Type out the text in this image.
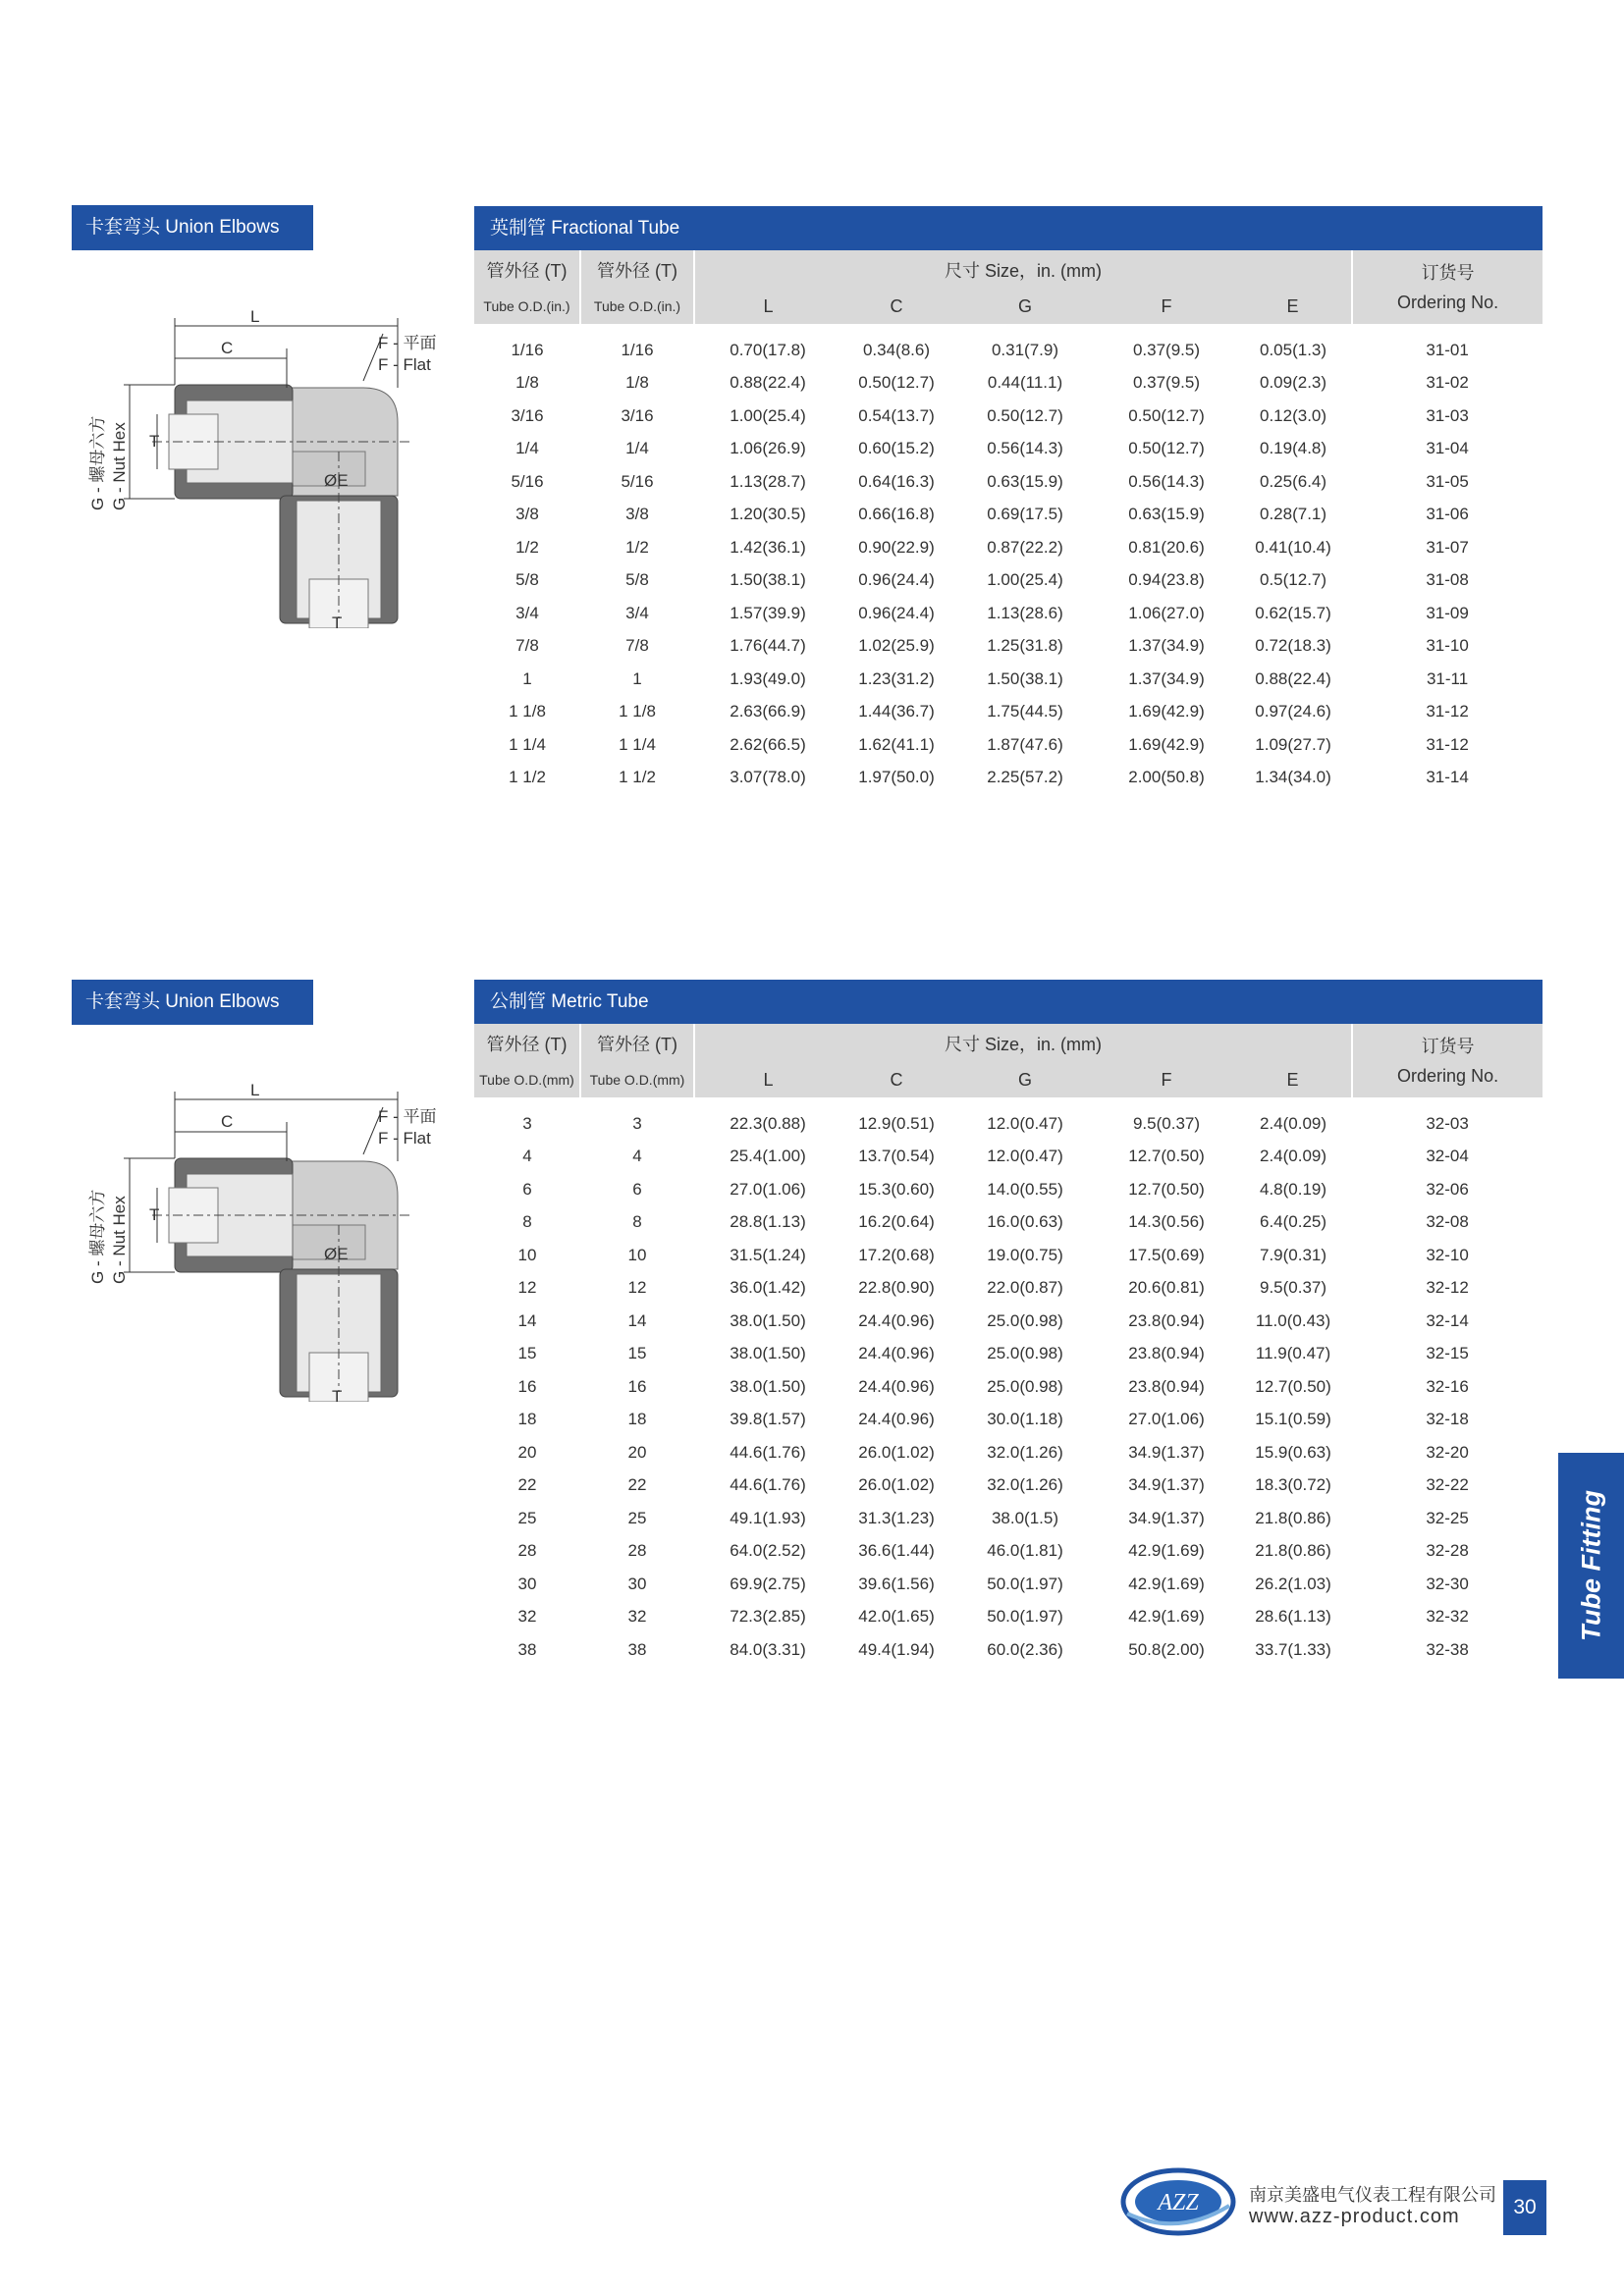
卡套弯头 Union Elbows
L
C
T
T
ØE
F - 平面
F - Flat
G - 螺母六方 G - Nut Hex
英制管 Fractional Tube
管外径 (T)	管外径 (T)	尺寸 Size，in. (mm)					订货号
Ordering No.

Tube O.D.(in.)	Tube O.D.(in.)	L	C	G	F	E	
1/16	1/16	0.70(17.8)	0.34(8.6)	0.31(7.9)	0.37(9.5)	0.05(1.3)	31-01
1/8	1/8	0.88(22.4)	0.50(12.7)	0.44(11.1)	0.37(9.5)	0.09(2.3)	31-02
3/16	3/16	1.00(25.4)	0.54(13.7)	0.50(12.7)	0.50(12.7)	0.12(3.0)	31-03
1/4	1/4	1.06(26.9)	0.60(15.2)	0.56(14.3)	0.50(12.7)	0.19(4.8)	31-04
5/16	5/16	1.13(28.7)	0.64(16.3)	0.63(15.9)	0.56(14.3)	0.25(6.4)	31-05
3/8	3/8	1.20(30.5)	0.66(16.8)	0.69(17.5)	0.63(15.9)	0.28(7.1)	31-06
1/2	1/2	1.42(36.1)	0.90(22.9)	0.87(22.2)	0.81(20.6)	0.41(10.4)	31-07
5/8	5/8	1.50(38.1)	0.96(24.4)	1.00(25.4)	0.94(23.8)	0.5(12.7)	31-08
3/4	3/4	1.57(39.9)	0.96(24.4)	1.13(28.6)	1.06(27.0)	0.62(15.7)	31-09
7/8	7/8	1.76(44.7)	1.02(25.9)	1.25(31.8)	1.37(34.9)	0.72(18.3)	31-10
1	1	1.93(49.0)	1.23(31.2)	1.50(38.1)	1.37(34.9)	0.88(22.4)	31-11
1 1/8	1 1/8	2.63(66.9)	1.44(36.7)	1.75(44.5)	1.69(42.9)	0.97(24.6)	31-12
1 1/4	1 1/4	2.62(66.5)	1.62(41.1)	1.87(47.6)	1.69(42.9)	1.09(27.7)	31-12
1 1/2	1 1/2	3.07(78.0)	1.97(50.0)	2.25(57.2)	2.00(50.8)	1.34(34.0)	31-14
卡套弯头 Union Elbows
L
C
T
T
ØE
F - 平面
F - Flat
G - 螺母六方 G - Nut Hex
公制管 Metric Tube
管外径 (T)	管外径 (T)	尺寸 Size，in. (mm)					订货号
Ordering No.

Tube O.D.(mm)	Tube O.D.(mm)	L	C	G	F	E	
3	3	22.3(0.88)	12.9(0.51)	12.0(0.47)	9.5(0.37)	2.4(0.09)	32-03
4	4	25.4(1.00)	13.7(0.54)	12.0(0.47)	12.7(0.50)	2.4(0.09)	32-04
6	6	27.0(1.06)	15.3(0.60)	14.0(0.55)	12.7(0.50)	4.8(0.19)	32-06
8	8	28.8(1.13)	16.2(0.64)	16.0(0.63)	14.3(0.56)	6.4(0.25)	32-08
10	10	31.5(1.24)	17.2(0.68)	19.0(0.75)	17.5(0.69)	7.9(0.31)	32-10
12	12	36.0(1.42)	22.8(0.90)	22.0(0.87)	20.6(0.81)	9.5(0.37)	32-12
14	14	38.0(1.50)	24.4(0.96)	25.0(0.98)	23.8(0.94)	11.0(0.43)	32-14
15	15	38.0(1.50)	24.4(0.96)	25.0(0.98)	23.8(0.94)	11.9(0.47)	32-15
16	16	38.0(1.50)	24.4(0.96)	25.0(0.98)	23.8(0.94)	12.7(0.50)	32-16
18	18	39.8(1.57)	24.4(0.96)	30.0(1.18)	27.0(1.06)	15.1(0.59)	32-18
20	20	44.6(1.76)	26.0(1.02)	32.0(1.26)	34.9(1.37)	15.9(0.63)	32-20
22	22	44.6(1.76)	26.0(1.02)	32.0(1.26)	34.9(1.37)	18.3(0.72)	32-22
25	25	49.1(1.93)	31.3(1.23)	38.0(1.5)	34.9(1.37)	21.8(0.86)	32-25
28	28	64.0(2.52)	36.6(1.44)	46.0(1.81)	42.9(1.69)	21.8(0.86)	32-28
30	30	69.9(2.75)	39.6(1.56)	50.0(1.97)	42.9(1.69)	26.2(1.03)	32-30
32	32	72.3(2.85)	42.0(1.65)	50.0(1.97)	42.9(1.69)	28.6(1.13)	32-32
38	38	84.0(3.31)	49.4(1.94)	60.0(2.36)	50.8(2.00)	33.7(1.33)	32-38
Tube Fitting
AZZ	南京美盛电气仪表工程有限公司
www.azz-product.com	30
